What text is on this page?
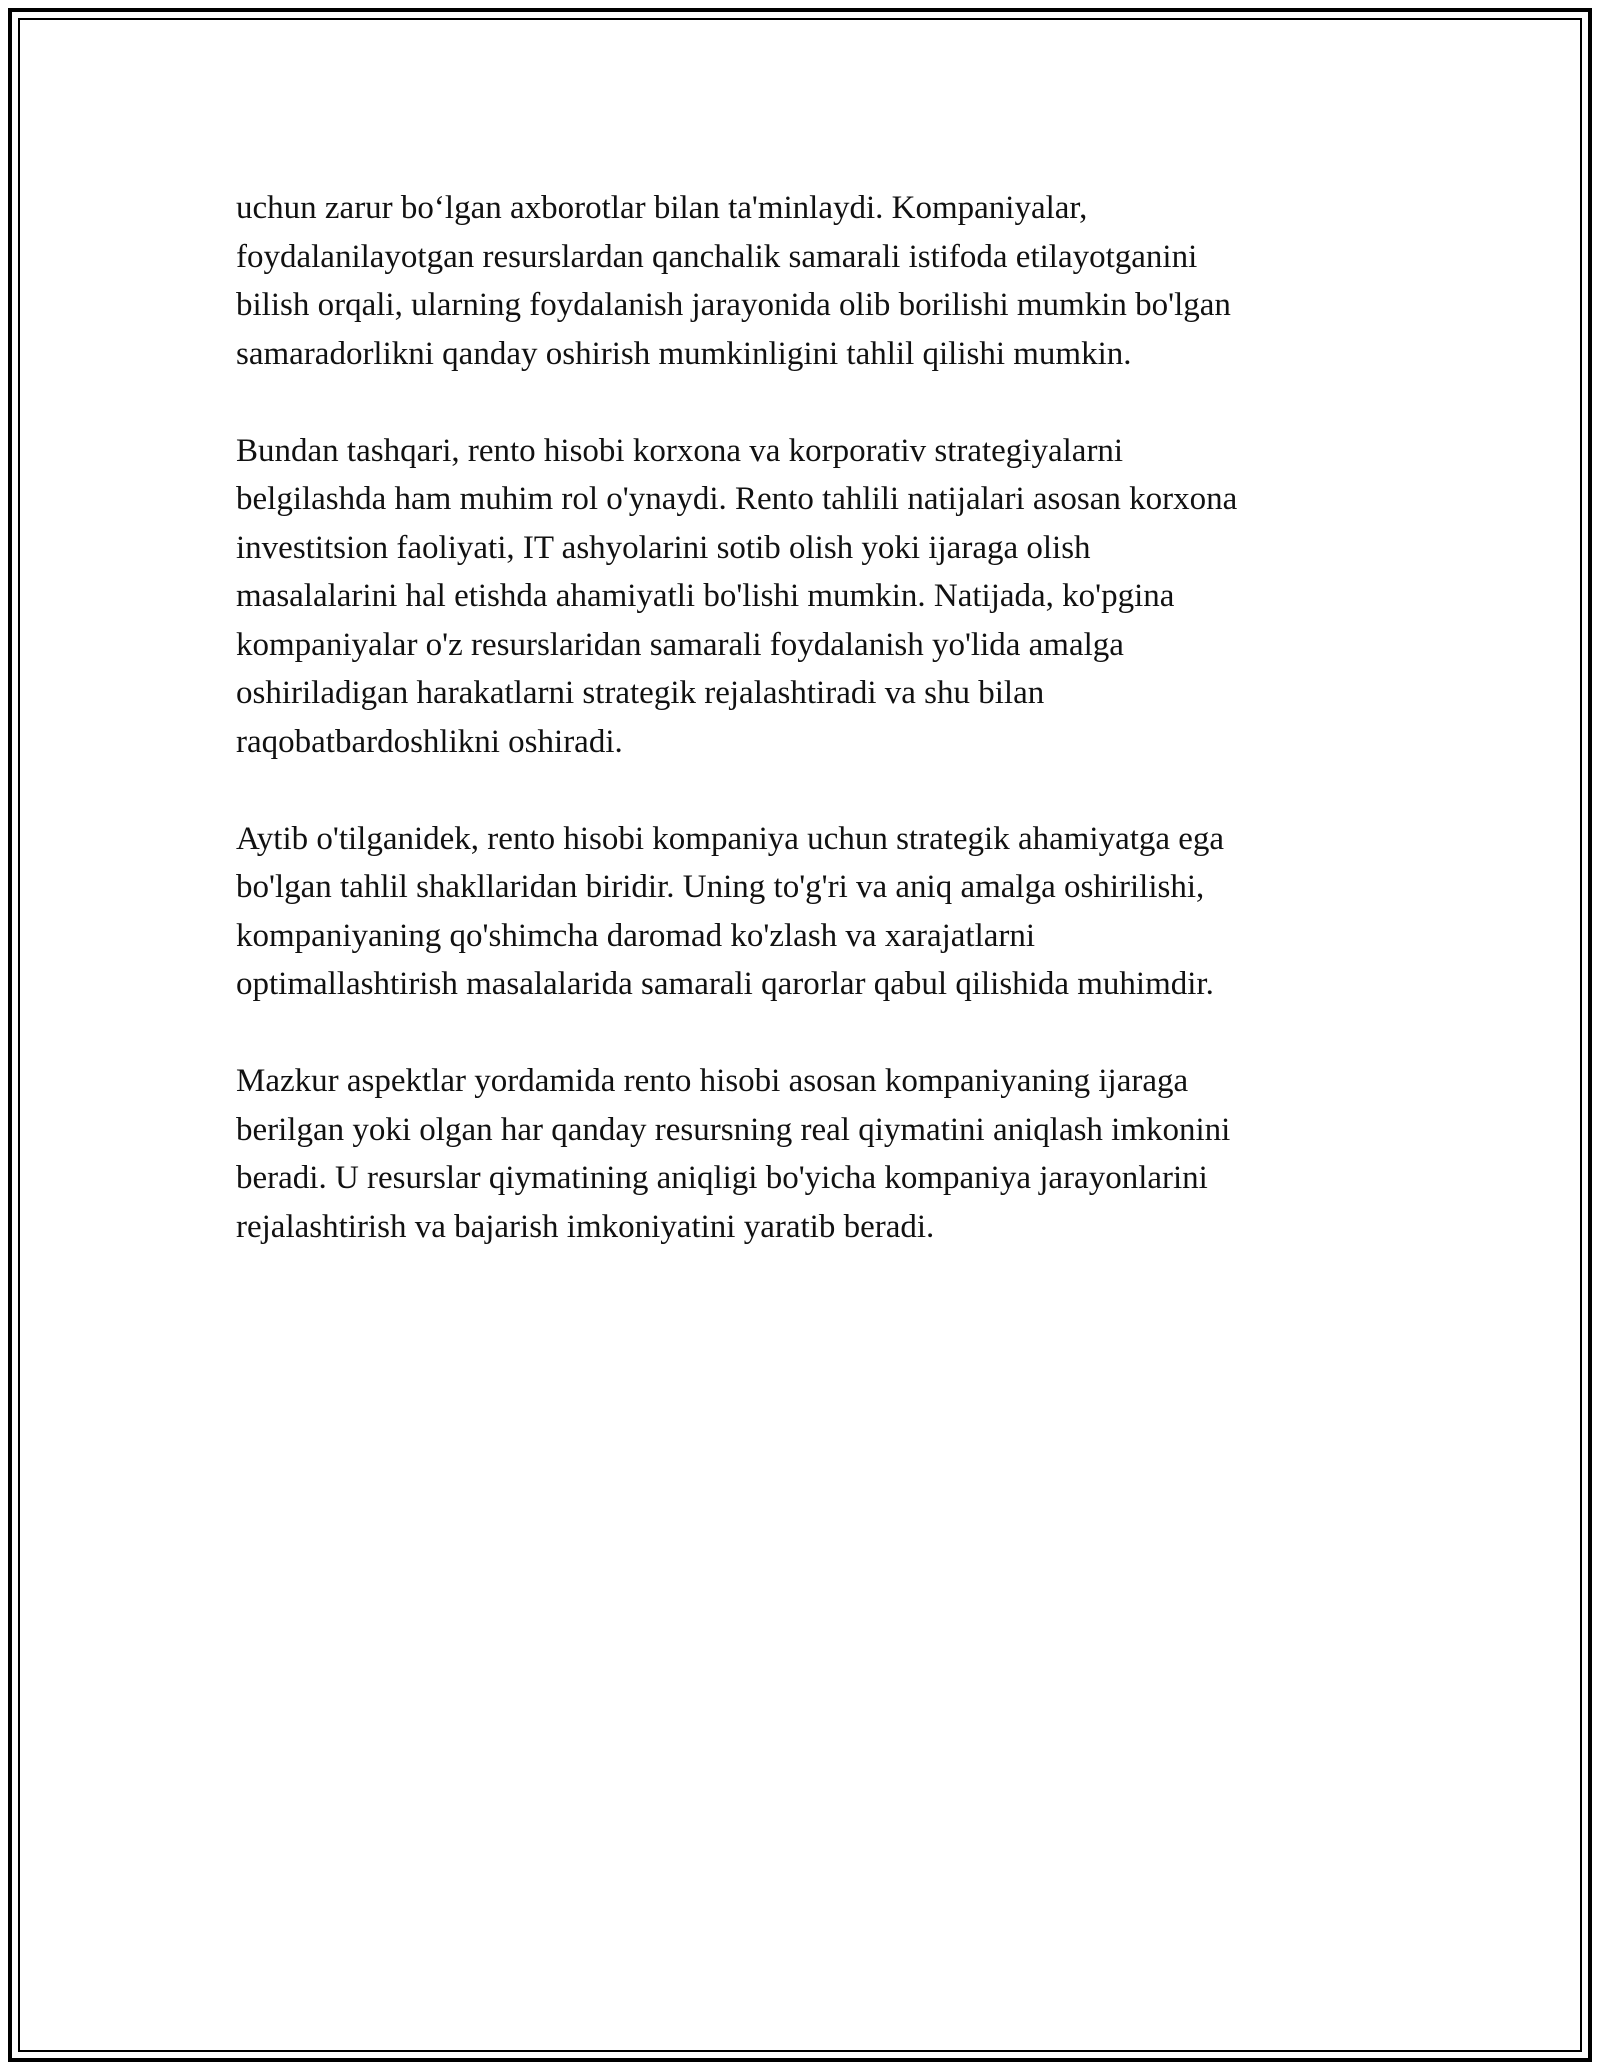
uchun zarur boʻlgan axborotlar bilan ta'minlaydi. Kompaniyalar,
foydalanilayotgan resurslardan qanchalik samarali istifoda etilayotganini
bilish orqali, ularning foydalanish jarayonida olib borilishi mumkin bo'lgan
samaradorlikni qanday oshirish mumkinligini tahlil qilishi mumkin.
Bundan tashqari, rento hisobi korxona va korporativ strategiyalarni
belgilashda ham muhim rol o'ynaydi. Rento tahlili natijalari asosan korxona
investitsion faoliyati, IT ashyolarini sotib olish yoki ijaraga olish
masalalarini hal etishda ahamiyatli bo'lishi mumkin. Natijada, ko'pgina
kompaniyalar o'z resurslaridan samarali foydalanish yo'lida amalga
oshiriladigan harakatlarni strategik rejalashtiradi va shu bilan
raqobatbardoshlikni oshiradi.
Aytib o'tilganidek, rento hisobi kompaniya uchun strategik ahamiyatga ega
bo'lgan tahlil shakllaridan biridir. Uning to'g'ri va aniq amalga oshirilishi,
kompaniyaning qo'shimcha daromad ko'zlash va xarajatlarni
optimallashtirish masalalarida samarali qarorlar qabul qilishida muhimdir.
Mazkur aspektlar yordamida rento hisobi asosan kompaniyaning ijaraga
berilgan yoki olgan har qanday resursning real qiymatini aniqlash imkonini
beradi. U resurslar qiymatining aniqligi bo'yicha kompaniya jarayonlarini
rejalashtirish va bajarish imkoniyatini yaratib beradi.
